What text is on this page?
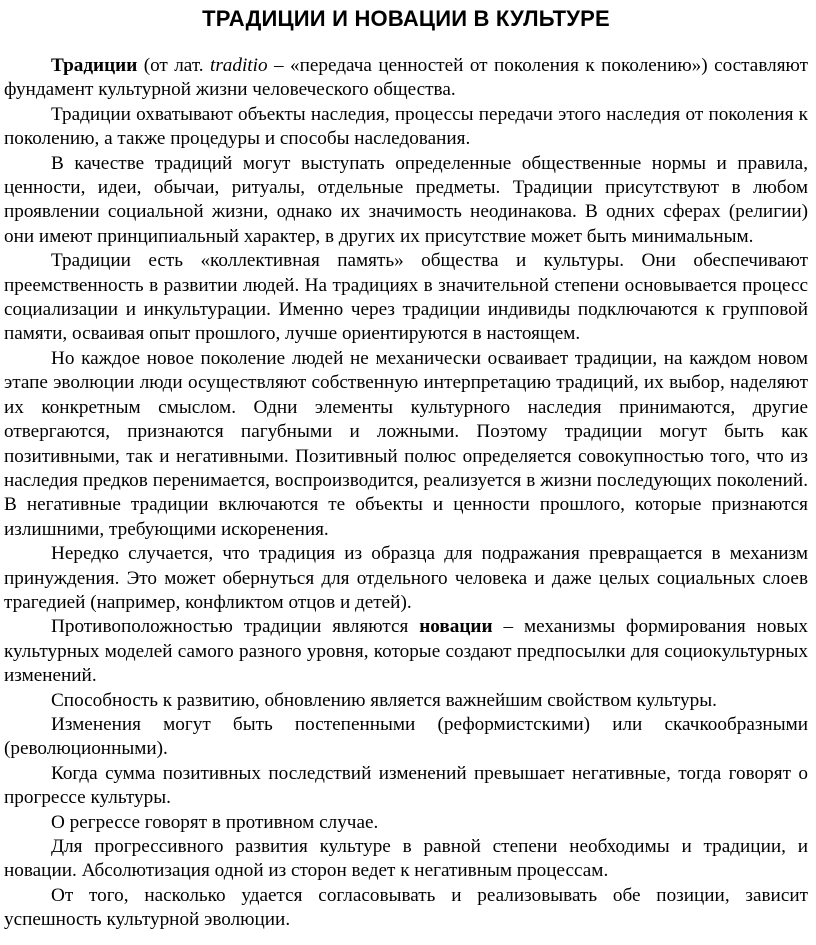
ТРАДИЦИИ И НОВАЦИИ В КУЛЬТУРЕ

Традиции (от лат. traditio – «передача ценностей от поколения к поколению») составляют фундамент культурной жизни человеческого общества.

Традиции охватывают объекты наследия, процессы передачи этого наследия от поколения к поколению, а также процедуры и способы наследования.

В качестве традиций могут выступать определенные общественные нормы и правила, ценности, идеи, обычаи, ритуалы, отдельные предметы. Традиции присутствуют в любом проявлении социальной жизни, однако их значимость неодинакова. В одних сферах (религии) они имеют принципиальный характер, в других их присутствие может быть минимальным.

Традиции есть «коллективная память» общества и культуры. Они обеспечивают преемственность в развитии людей. На традициях в значительной степени основывается процесс социализации и инкультурации. Именно через традиции индивиды подключаются к групповой памяти, осваивая опыт прошлого, лучше ориентируются в настоящем.

Но каждое новое поколение людей не механически осваивает традиции, на каждом новом этапе эволюции люди осуществляют собственную интерпретацию традиций, их выбор, наделяют их конкретным смыслом. Одни элементы культурного наследия принимаются, другие отвергаются, признаются пагубными и ложными. Поэтому традиции могут быть как позитивными, так и негативными. Позитивный полюс определяется совокупностью того, что из наследия предков перенимается, воспроизводится, реализуется в жизни последующих поколений. В негативные традиции включаются те объекты и ценности прошлого, которые признаются излишними, требующими искоренения.

Нередко случается, что традиция из образца для подражания превращается в механизм принуждения. Это может обернуться для отдельного человека и даже целых социальных слоев трагедией (например, конфликтом отцов и детей).

Противоположностью традиции являются новации – механизмы формирования новых культурных моделей самого разного уровня, которые создают предпосылки для социокультурных изменений.

Способность к развитию, обновлению является важнейшим свойством культуры.

Изменения могут быть постепенными (реформистскими) или скачкообразными (революционными).

Когда сумма позитивных последствий изменений превышает негативные, тогда говорят о прогрессе культуры.

О регрессе говорят в противном случае.

Для прогрессивного развития культуре в равной степени необходимы и традиции, и новации. Абсолютизация одной из сторон ведет к негативным процессам.

От того, насколько удается согласовывать и реализовывать обе позиции, зависит успешность культурной эволюции.
